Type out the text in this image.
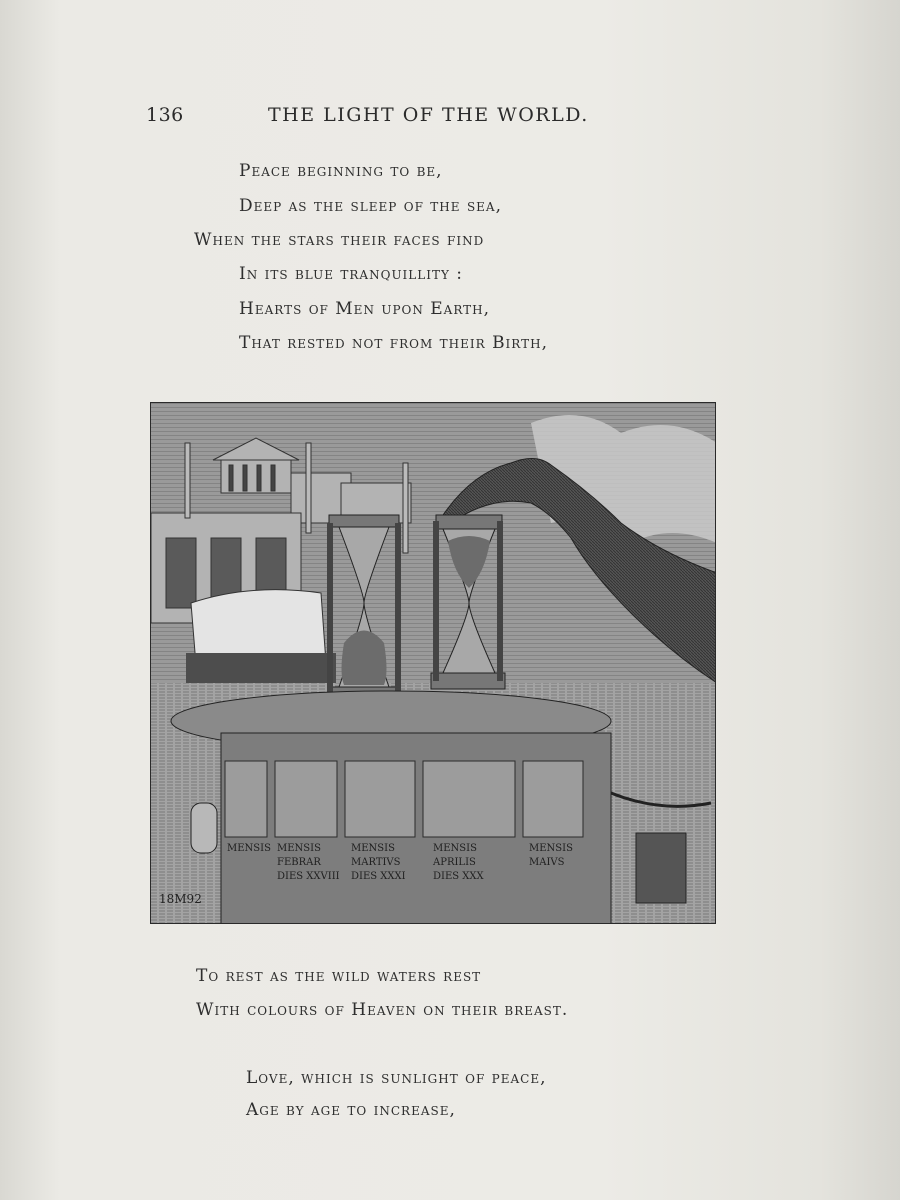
136	THE LIGHT OF THE WORLD.
Peace beginning to be,
Deep as the sleep of the sea,
When the stars their faces find
In its blue tranquillity :
Hearts of Men upon Earth,
That rested not from their Birth,
MENSIS MENSIS	MENSIS	MENSIS	MENSIS
FEBRAR	MARTIVS	APRILIS	MAIVS
DIES XXVIII DIES XXXI	DIES XXX
18M92
To rest as the wild waters rest
With colours of Heaven on their breast.
Love, which is sunlight of peace,
Age by age to increase,
